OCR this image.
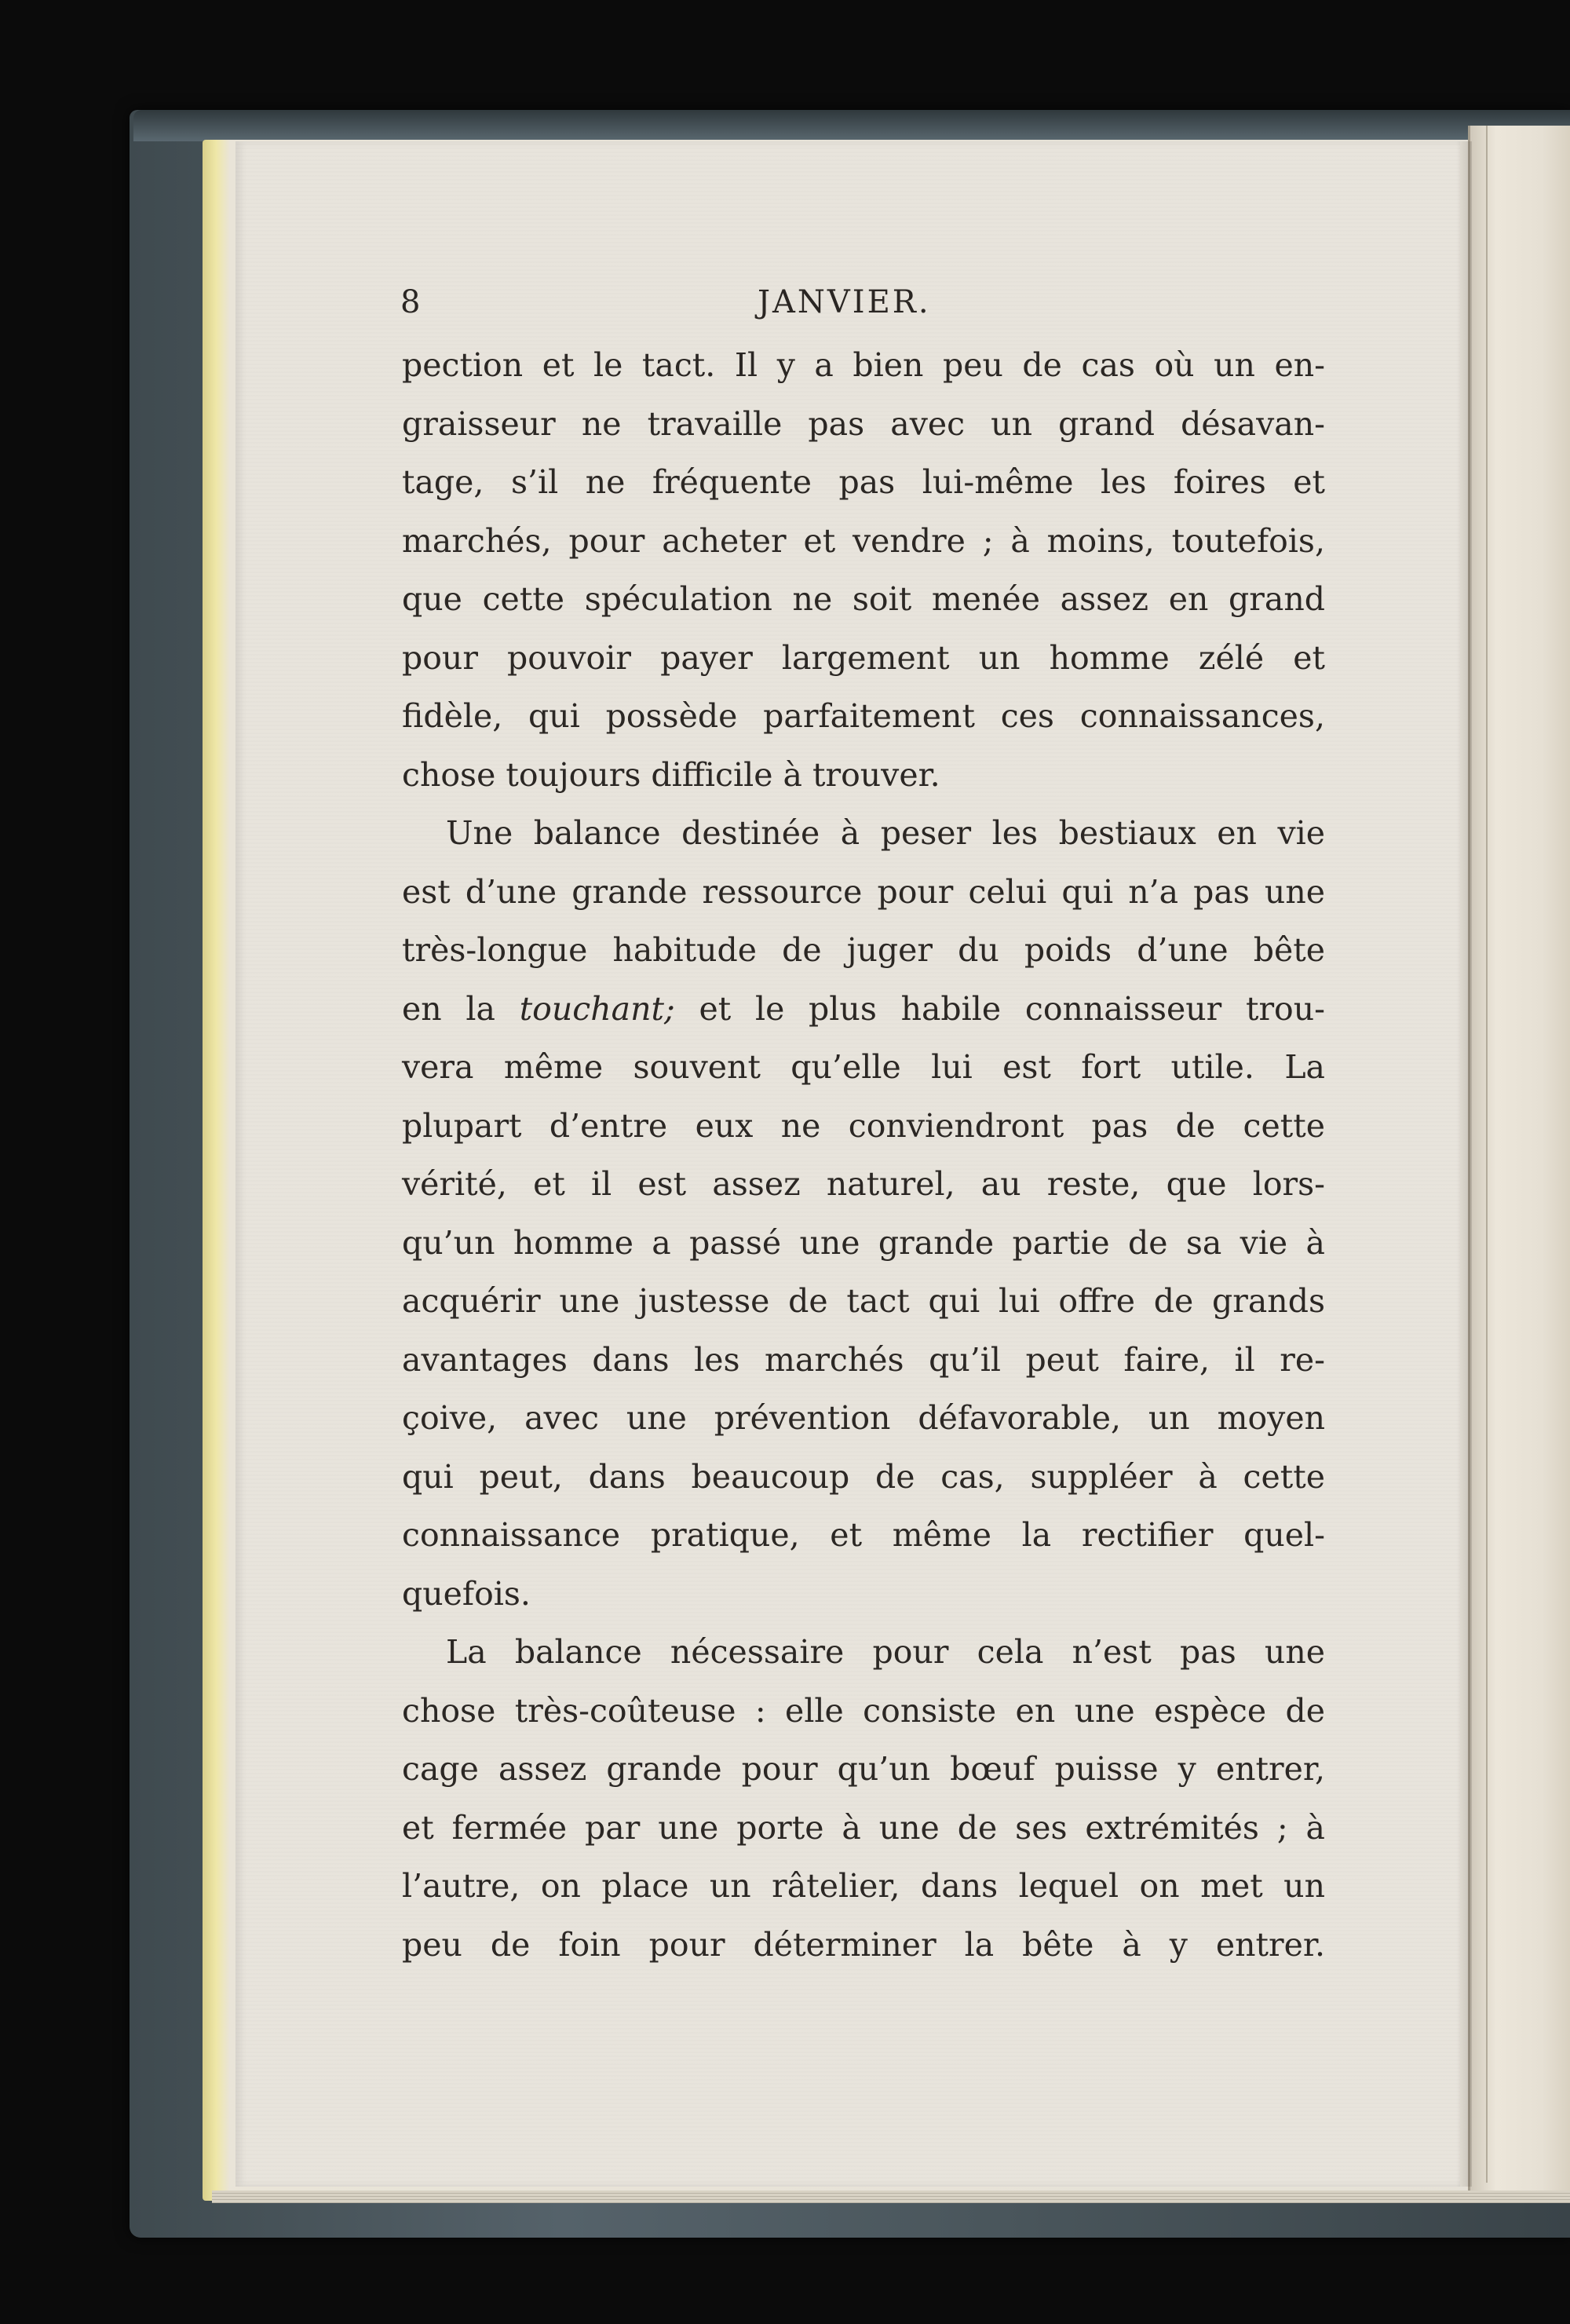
8	JANVIER.
pection et le tact. Il y a bien peu de cas où un en-
graisseur ne travaille pas avec un grand désavan-
tage, s’il ne fréquente pas lui-même les foires et
marchés, pour acheter et vendre ; à moins, toutefois,
que cette spéculation ne soit menée assez en grand
pour pouvoir payer largement un homme zélé et
fidèle, qui possède parfaitement ces connaissances,
chose toujours difficile à trouver.
Une balance destinée à peser les bestiaux en vie
est d’une grande ressource pour celui qui n’a pas une
très-longue habitude de juger du poids d’une bête
en la touchant; et le plus habile connaisseur trou-
vera même souvent qu’elle lui est fort utile. La
plupart d’entre eux ne conviendront pas de cette
vérité, et il est assez naturel, au reste, que lors-
qu’un homme a passé une grande partie de sa vie à
acquérir une justesse de tact qui lui offre de grands
avantages dans les marchés qu’il peut faire, il re-
çoive, avec une prévention défavorable, un moyen
qui peut, dans beaucoup de cas, suppléer à cette
connaissance pratique, et même la rectifier quel-
quefois.
La balance nécessaire pour cela n’est pas une
chose très-coûteuse : elle consiste en une espèce de
cage assez grande pour qu’un bœuf puisse y entrer,
et fermée par une porte à une de ses extrémités ; à
l’autre, on place un râtelier, dans lequel on met un
peu de foin pour déterminer la bête à y entrer.
